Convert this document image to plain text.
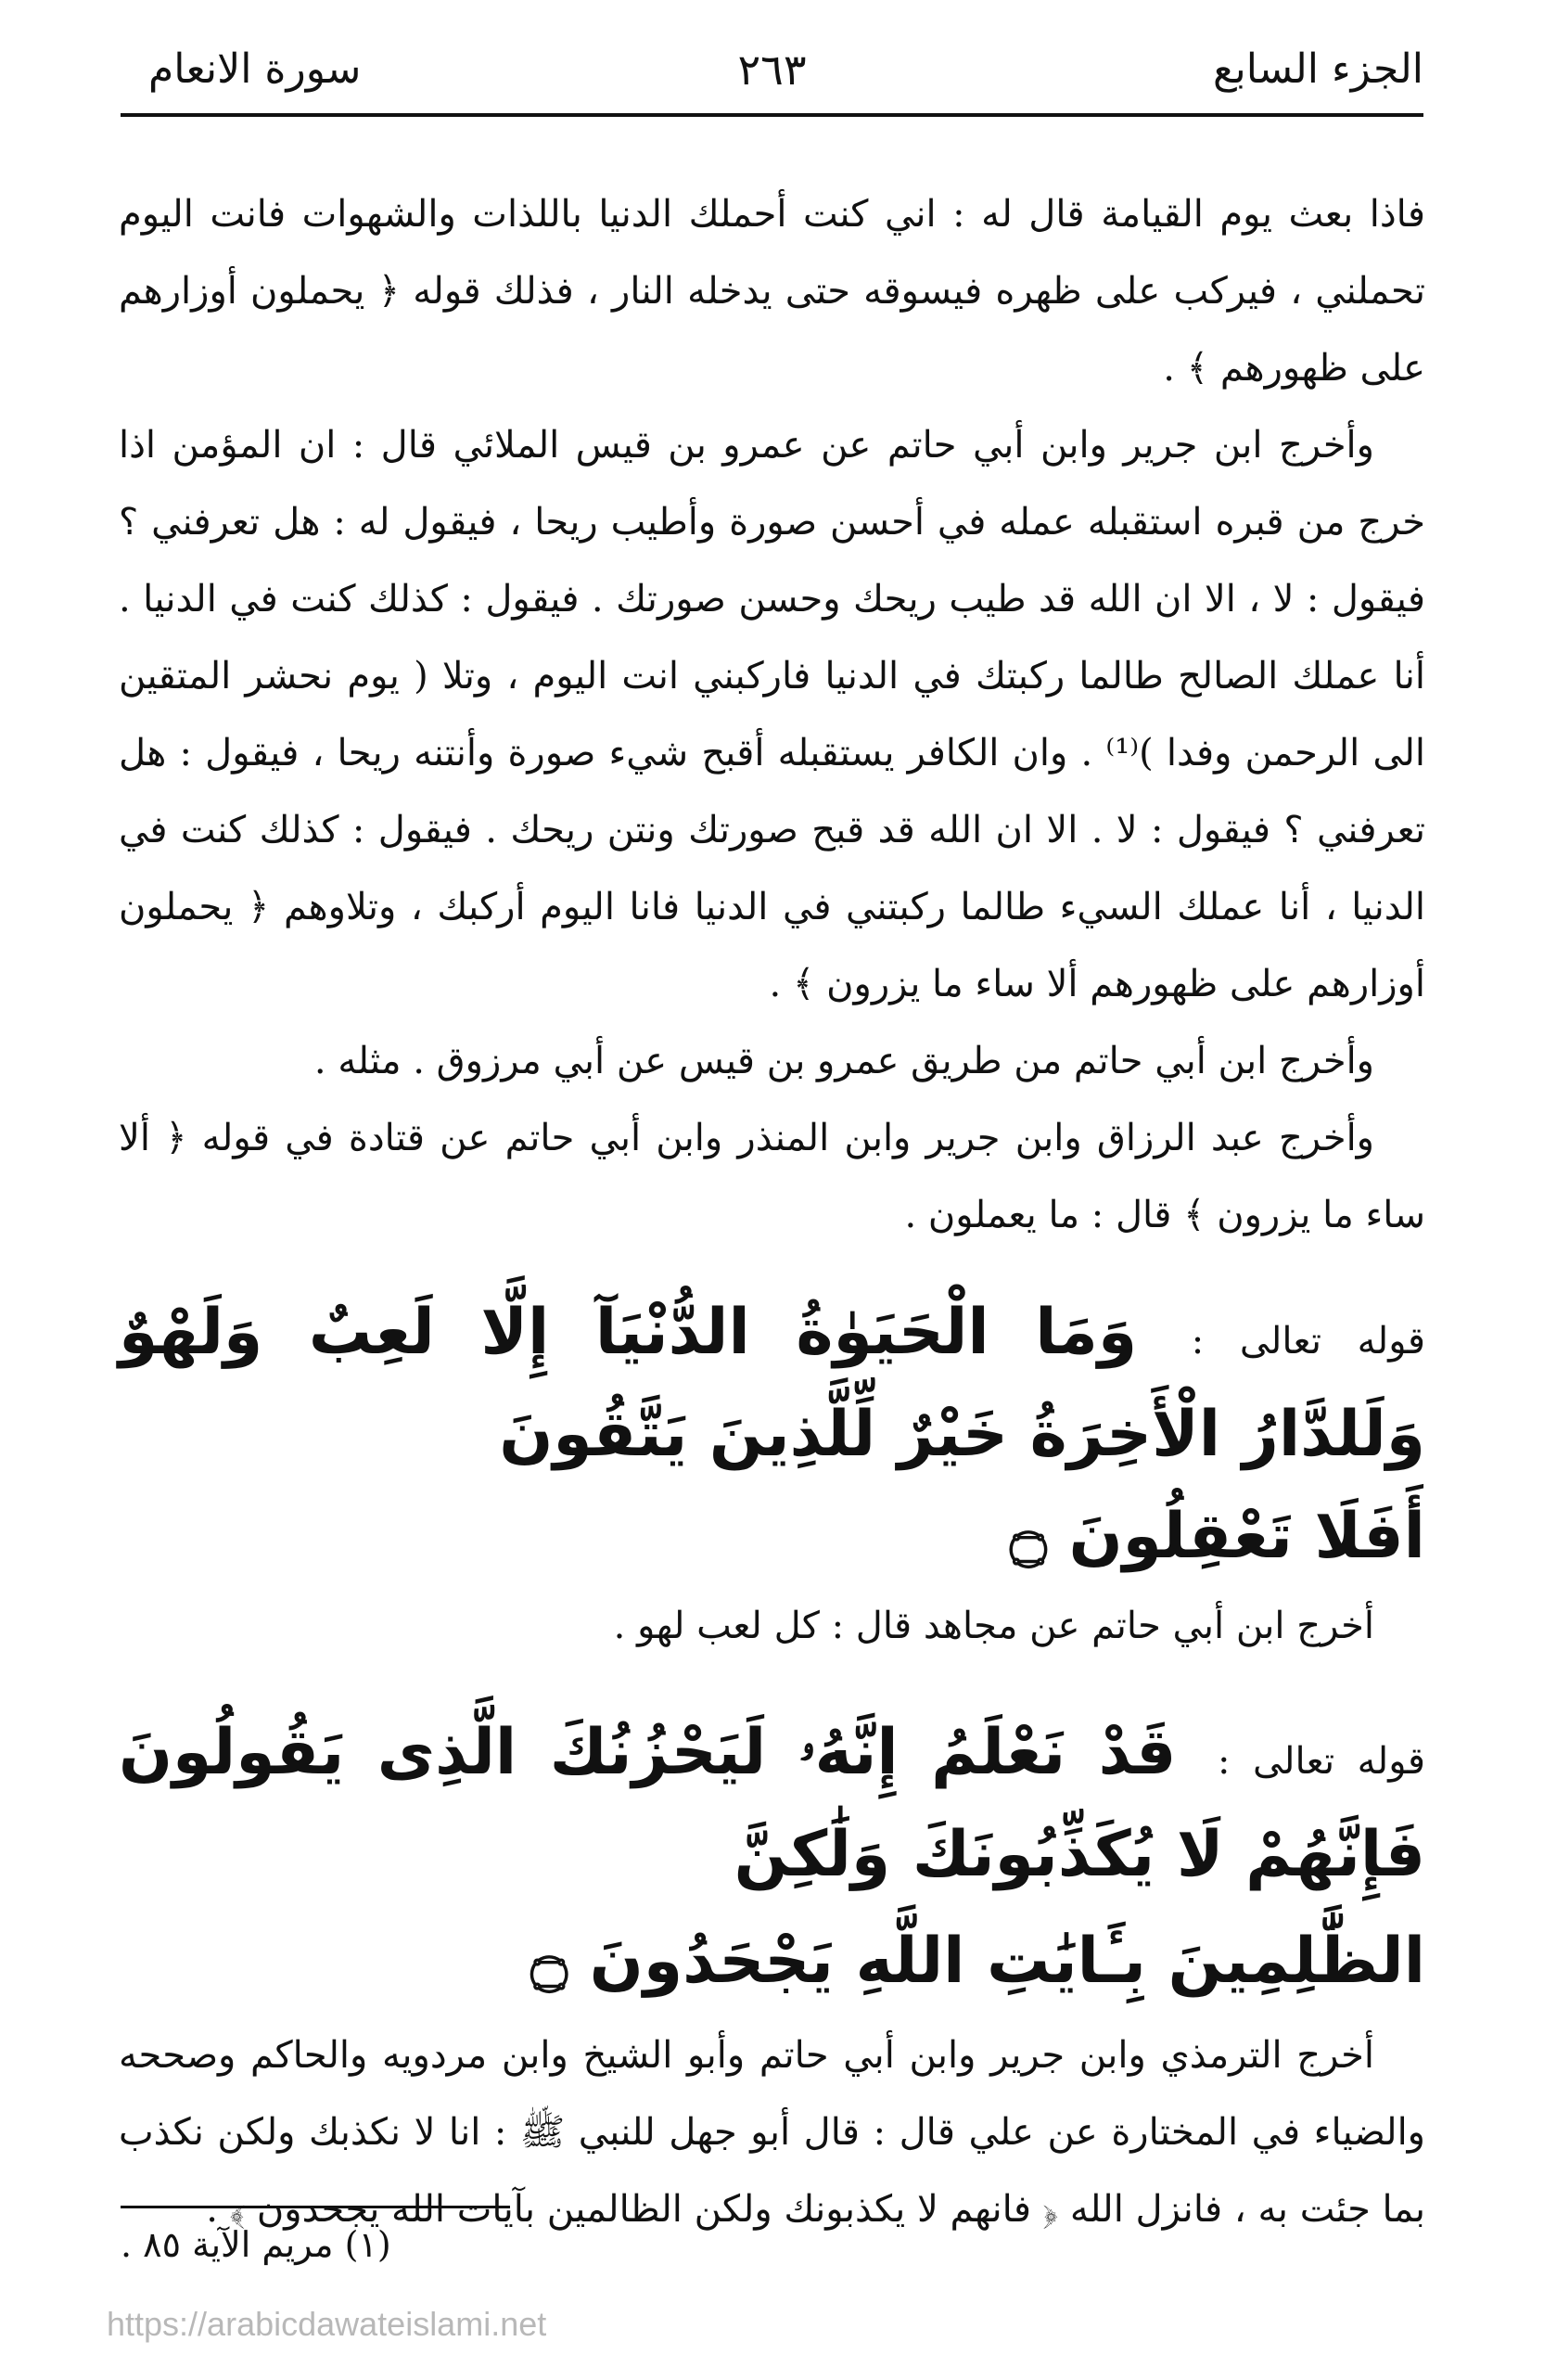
الجزء السابع
٢٦٣
سورة الانعام

فاذا بعث يوم القيامة قال له : اني كنت أحملك الدنيا باللذات والشهوات فانت اليوم تحملني ، فيركب على ظهره فيسوقه حتى يدخله النار ، فذلك قوله ﴿ يحملون أوزارهم على ظهورهم ﴾ .

وأخرج ابن جرير وابن أبي حاتم عن عمرو بن قيس الملائي قال : ان المؤمن اذا خرج من قبره استقبله عمله في أحسن صورة وأطيب ريحا ، فيقول له : هل تعرفني ؟ فيقول : لا ، الا ان الله قد طيب ريحك وحسن صورتك . فيقول : كذلك كنت في الدنيا . أنا عملك الصالح طالما ركبتك في الدنيا فاركبني انت اليوم ، وتلا ( يوم نحشر المتقين الى الرحمن وفدا )⁽¹⁾ . وان الكافر يستقبله أقبح شيء صورة وأنتنه ريحا ، فيقول : هل تعرفني ؟ فيقول : لا . الا ان الله قد قبح صورتك ونتن ريحك . فيقول : كذلك كنت في الدنيا ، أنا عملك السيء طالما ركبتني في الدنيا فانا اليوم أركبك ، وتلاوهم ﴿ يحملون أوزارهم على ظهورهم ألا ساء ما يزرون ﴾ .

وأخرج ابن أبي حاتم من طريق عمرو بن قيس عن أبي مرزوق . مثله .

وأخرج عبد الرزاق وابن جرير وابن المنذر وابن أبي حاتم عن قتادة في قوله ﴿ ألا ساء ما يزرون ﴾ قال : ما يعملون .

قوله تعالى : وَمَا الْحَيَوٰةُ الدُّنْيَآ إِلَّا لَعِبٌ وَلَهْوٌ وَلَلدَّارُ الْأَخِرَةُ خَيْرٌ لِّلَّذِينَ يَتَّقُونَ
أَفَلَا تَعْقِلُونَ ۝

أخرج ابن أبي حاتم عن مجاهد قال : كل لعب لهو .

قوله تعالى : قَدْ نَعْلَمُ إِنَّهُۥ لَيَحْزُنُكَ الَّذِى يَقُولُونَ فَإِنَّهُمْ لَا يُكَذِّبُونَكَ وَلَٰكِنَّ
الظَّٰلِمِينَ بِـَٔايَٰتِ اللَّهِ يَجْحَدُونَ ۝

أخرج الترمذي وابن جرير وابن أبي حاتم وأبو الشيخ وابن مردويه والحاكم وصححه والضياء في المختارة عن علي قال : قال أبو جهل للنبي ﷺ : انا لا نكذبك ولكن نكذب بما جئت به ، فانزل الله ﴿ فانهم لا يكذبونك ولكن الظالمين بآيات الله يجحدون ﴾ .

(١) مريم الآية ٨٥ .
https://arabicdawateislami.net
